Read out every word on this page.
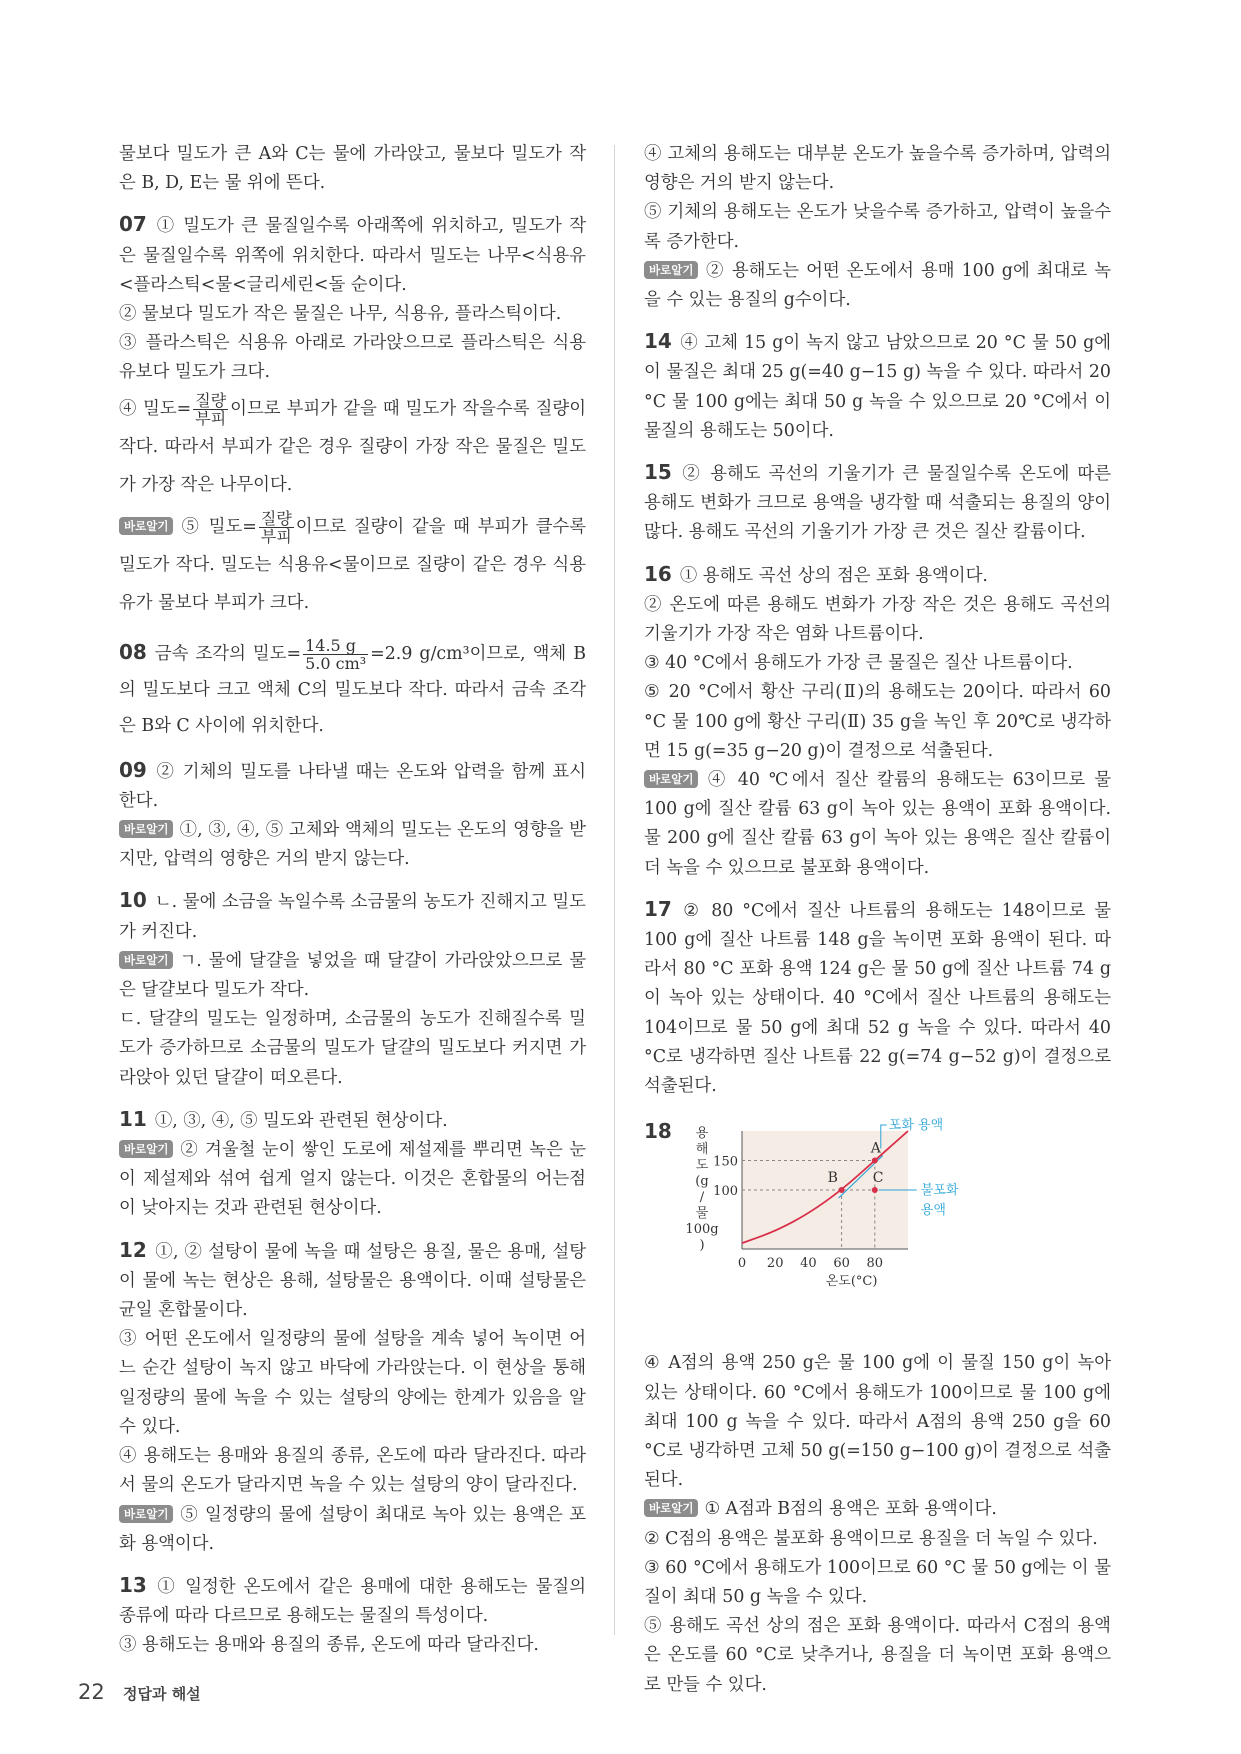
물보다 밀도가 큰 A와 C는 물에 가라앉고, 물보다 밀도가 작은 B, D, E는 물 위에 뜬다.

07 ① 밀도가 큰 물질일수록 아래쪽에 위치하고, 밀도가 작은 물질일수록 위쪽에 위치한다. 따라서 밀도는 나무<식용유<플라스틱<물<글리세린<돌 순이다.

② 물보다 밀도가 작은 물질은 나무, 식용유, 플라스틱이다.

③ 플라스틱은 식용유 아래로 가라앉으므로 플라스틱은 식용유보다 밀도가 크다.

④ 밀도= $\frac{\text{질량}}{\text{부피}}$ 이므로 부피가 같을 때 밀도가 작을수록 질량이 작다. 따라서 부피가 같은 경우 질량이 가장 작은 물질은 밀도가 가장 작은 나무이다.

바로알기 ⑤ 밀도= $\frac{\text{질량}}{\text{부피}}$ 이므로 질량이 같을 때 부피가 클수록 밀도가 작다. 밀도는 식용유<물이므로 질량이 같은 경우 식용유가 물보다 부피가 크다.

08 금속 조각의 밀도= $\frac{14.5 g}{\text{5.0 cm³}} =2.9$ g/cm³이므로, 액체 B의 밀도보다 크고 액체 C의 밀도보다 작다. 따라서 금속 조각은 B와 C 사이에 위치한다.

09 ② 기체의 밀도를 나타낼 때는 온도와 압력을 함께 표시한다.

바로알기 ①, ③, ④, ⑤ 고체와 액체의 밀도는 온도의 영향을 받지만, 압력의 영향은 거의 받지 않는다.

10 ㄴ. 물에 소금을 녹일수록 소금물의 농도가 진해지고 밀도가 커진다.

바로알기 ㄱ. 물에 달걀을 넣었을 때 달걀이 가라앉았으므로 물은 달걀보다 밀도가 작다.

ㄷ. 달걀의 밀도는 일정하며, 소금물의 농도가 진해질수록 밀도가 증가하므로 소금물의 밀도가 달걀의 밀도보다 커지면 가라앉아 있던 달걀이 떠오른다.

11 ①, ③, ④, ⑤ 밀도와 관련된 현상이다.

바로알기 ② 겨울철 눈이 쌓인 도로에 제설제를 뿌리면 녹은 눈이 제설제와 섞여 쉽게 얼지 않는다. 이것은 혼합물의 어는점이 낮아지는 것과 관련된 현상이다.

12 ①, ② 설탕이 물에 녹을 때 설탕은 용질, 물은 용매, 설탕이 물에 녹는 현상은 용해, 설탕물은 용액이다. 이때 설탕물은 균일 혼합물이다.

③ 어떤 온도에서 일정량의 물에 설탕을 계속 넣어 녹이면 어느 순간 설탕이 녹지 않고 바닥에 가라앉는다. 이 현상을 통해 일정량의 물에 녹을 수 있는 설탕의 양에는 한계가 있음을 알 수 있다.

④ 용해도는 용매와 용질의 종류, 온도에 따라 달라진다. 따라서 물의 온도가 달라지면 녹을 수 있는 설탕의 양이 달라진다.

바로알기 ⑤ 일정량의 물에 설탕이 최대로 녹아 있는 용액은 포화 용액이다.

13 ① 일정한 온도에서 같은 용매에 대한 용해도는 물질의 종류에 따라 다르므로 용해도는 물질의 특성이다.

③ 용해도는 용매와 용질의 종류, 온도에 따라 달라진다.

④ 고체의 용해도는 대부분 온도가 높을수록 증가하며, 압력의 영향은 거의 받지 않는다.

⑤ 기체의 용해도는 온도가 낮을수록 증가하고, 압력이 높을수록 증가한다.

바로알기 ② 용해도는 어떤 온도에서 용매 100 g에 최대로 녹을 수 있는 용질의 g수이다.

14 ④ 고체 15 g이 녹지 않고 남았으므로 20 °C 물 50 g에 이 물질은 최대 25 g(=40 g−15 g) 녹을 수 있다. 따라서 20 °C 물 100 g에는 최대 50 g 녹을 수 있으므로 20 °C에서 이 물질의 용해도는 50이다.

15 ② 용해도 곡선의 기울기가 큰 물질일수록 온도에 따른 용해도 변화가 크므로 용액을 냉각할 때 석출되는 용질의 양이 많다. 용해도 곡선의 기울기가 가장 큰 것은 질산 칼륨이다.

16 ① 용해도 곡선 상의 점은 포화 용액이다.

② 온도에 따른 용해도 변화가 가장 작은 것은 용해도 곡선의 기울기가 가장 작은 염화 나트륨이다.

③ 40 °C에서 용해도가 가장 큰 물질은 질산 나트륨이다.

⑤ 20 °C에서 황산 구리(Ⅱ)의 용해도는 20이다. 따라서 60 °C 물 100 g에 황산 구리(Ⅱ) 35 g을 녹인 후 20℃로 냉각하면 15 g(=35 g−20 g)이 결정으로 석출된다.

바로알기 ④ 40 ℃에서 질산 칼륨의 용해도는 63이므로 물 100 g에 질산 칼륨 63 g이 녹아 있는 용액이 포화 용액이다. 물 200 g에 질산 칼륨 63 g이 녹아 있는 용액은 질산 칼륨이 더 녹을 수 있으므로 불포화 용액이다.

17 ② 80 °C에서 질산 나트륨의 용해도는 148이므로 물 100 g에 질산 나트륨 148 g을 녹이면 포화 용액이 된다. 따라서 80 °C 포화 용액 124 g은 물 50 g에 질산 나트륨 74 g이 녹아 있는 상태이다. 40 °C에서 질산 나트륨의 용해도는 104이므로 물 50 g에 최대 52 g 녹을 수 있다. 따라서 40 °C로 냉각하면 질산 나트륨 22 g(=74 g−52 g)이 결정으로 석출된다.

18
0 20 40 60 80
100
150
용
해
도
(g
/
물
100g
)
온도(°C)
A
B C
포화 용액
불포화
용액

④ A점의 용액 250 g은 물 100 g에 이 물질 150 g이 녹아 있는 상태이다. 60 °C에서 용해도가 100이므로 물 100 g에 최대 100 g 녹을 수 있다. 따라서 A점의 용액 250 g을 60 °C로 냉각하면 고체 50 g(=150 g−100 g)이 결정으로 석출된다.

바로알기 ① A점과 B점의 용액은 포화 용액이다.

② C점의 용액은 불포화 용액이므로 용질을 더 녹일 수 있다.

③ 60 °C에서 용해도가 100이므로 60 °C 물 50 g에는 이 물질이 최대 50 g 녹을 수 있다.

⑤ 용해도 곡선 상의 점은 포화 용액이다. 따라서 C점의 용액은 온도를 60 °C로 낮추거나, 용질을 더 녹이면 포화 용액으로 만들 수 있다.

22 정답과 해설
